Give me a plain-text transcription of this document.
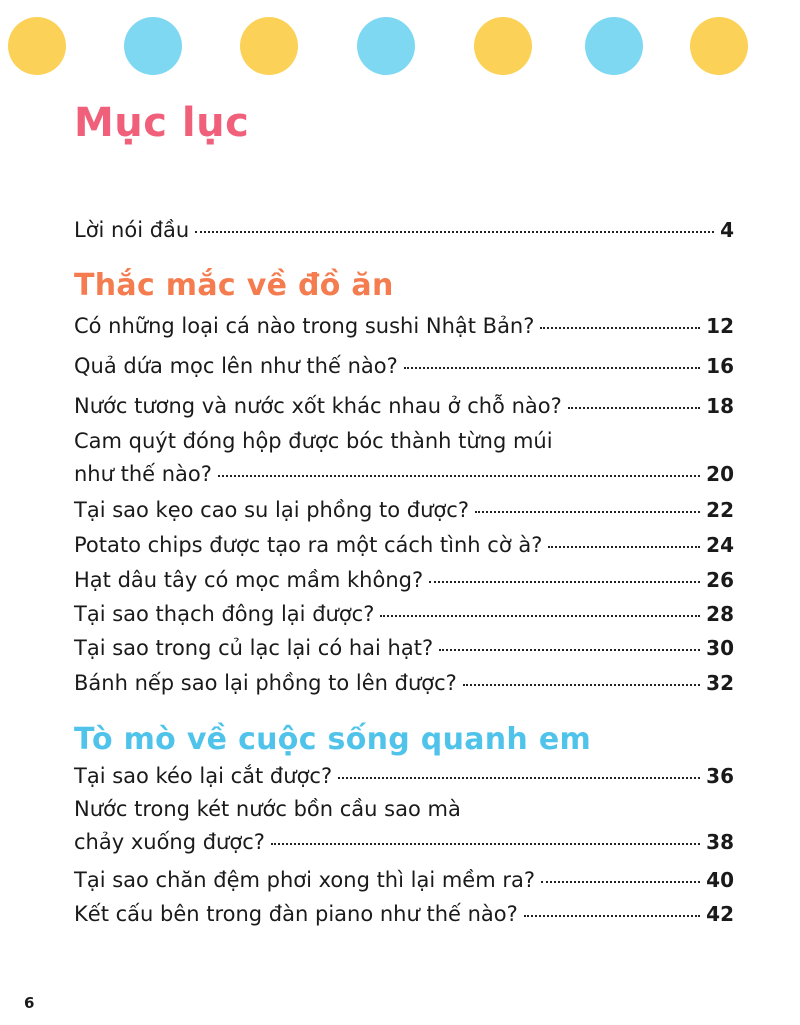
Mục lục
Lời nói đầu	4
Thắc mắc về đồ ăn
Có những loại cá nào trong sushi Nhật Bản?	12
Quả dứa mọc lên như thế nào?	16
Nước tương và nước xốt khác nhau ở chỗ nào?	18
Cam quýt đóng hộp được bóc thành từng múi
như thế nào?	20
Tại sao kẹo cao su lại phồng to được?	22
Potato chips được tạo ra một cách tình cờ à?	24
Hạt dâu tây có mọc mầm không?	26
Tại sao thạch đông lại được?	28
Tại sao trong củ lạc lại có hai hạt?	30
Bánh nếp sao lại phồng to lên được?	32
Tò mò về cuộc sống quanh em
Tại sao kéo lại cắt được?	36
Nước trong két nước bồn cầu sao mà
chảy xuống được?	38
Tại sao chăn đệm phơi xong thì lại mềm ra?	40
Kết cấu bên trong đàn piano như thế nào?	42
6
